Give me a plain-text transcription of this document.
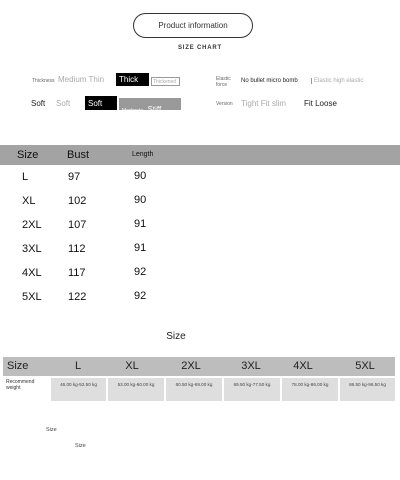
Product information
SIZE CHART
Thickness Medium Thin	Thick	Thickened	Elastic
force
No bullet micro bomb	Elastic high elastic
Soft Soft	Soft
Moderate Stiff
Version Tight Fit slim Fit Loose
Size	Bust	Length
L	97	90
XL	102	90
2XL 107	91
3XL 112	91
4XL 117	92
5XL 122	92
Size
Size	L	XL	2XL	3XL	4XL	5XL
Recommend
weight
46.00 kg-52.50 kg	53.00 kg-60.00 kg	60.50 kg-69.00 kg	69.50 kg-77.50 kg	78.00 kg-86.00 kg	86.50 kg-96.50 kg
Size
Size
